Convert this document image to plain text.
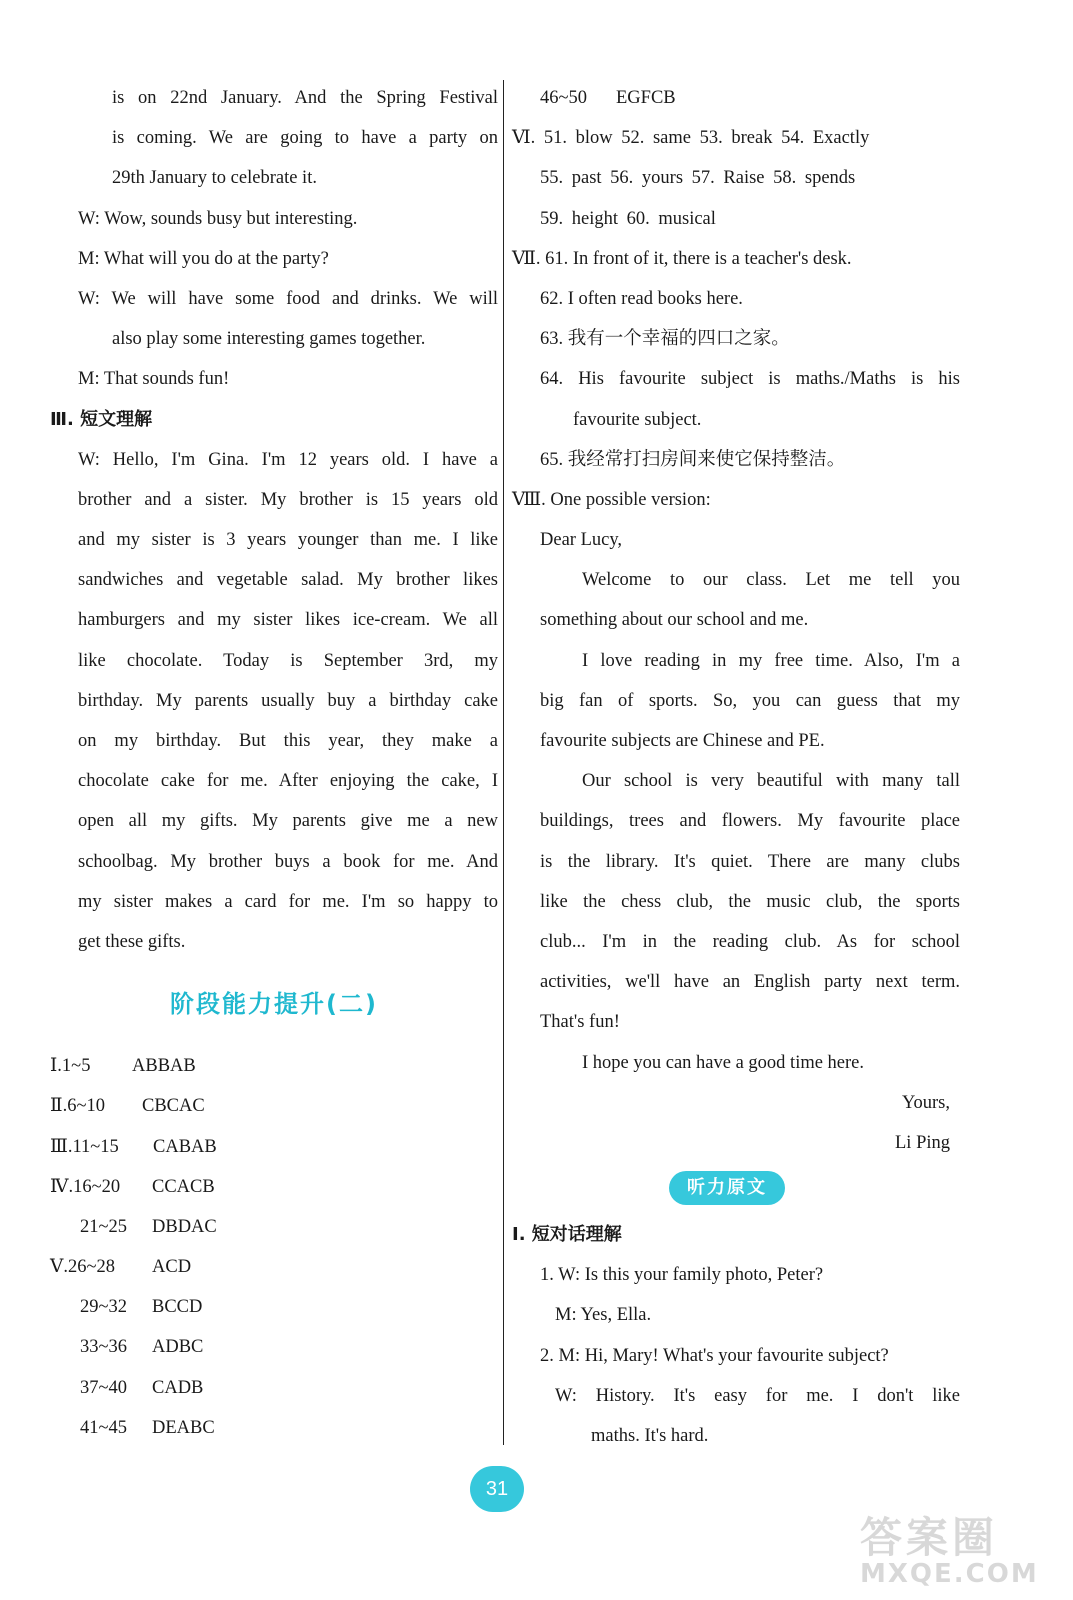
is on 22nd January. And the Spring Festival
is coming. We are going to have a party on
29th January to celebrate it.
W: Wow, sounds busy but interesting.
M: What will you do at the party?
W: We will have some food and drinks. We will
also play some interesting games together.
M: That sounds fun!
Ⅲ. 短文理解
W: Hello, I'm Gina. I'm 12 years old. I have a
brother and a sister. My brother is 15 years old
and my sister is 3 years younger than me. I like
sandwiches and vegetable salad. My brother likes
hamburgers and my sister likes ice-cream. We all
like chocolate. Today is September 3rd, my
birthday. My parents usually buy a birthday cake
on my birthday. But this year, they make a
chocolate cake for me. After enjoying the cake, I
open all my gifts. My parents give me a new
schoolbag. My brother buys a book for me. And
my sister makes a card for me. I'm so happy to
get these gifts.
阶段能力提升(二)
Ⅰ.1~5 ABBAB
Ⅱ.6~10 CBCAC
Ⅲ.11~15 CABAB
Ⅳ.16~20 CCACB
21~25 DBDAC
Ⅴ.26~28 ACD
29~32 BCCD
33~36 ADBC
37~40 CADB
41~45 DEABC
46~50 EGFCB
Ⅵ. 51. blow 52. same 53. break 54. Exactly
55. past 56. yours 57. Raise 58. spends
59. height 60. musical
Ⅶ. 61. In front of it, there is a teacher's desk.
62. I often read books here.
63. 我有一个幸福的四口之家。
64. His favourite subject is maths./Maths is his
favourite subject.
65. 我经常打扫房间来使它保持整洁。
Ⅷ. One possible version:
Dear Lucy,
Welcome to our class. Let me tell you
something about our school and me.
I love reading in my free time. Also, I'm a
big fan of sports. So, you can guess that my
favourite subjects are Chinese and PE.
Our school is very beautiful with many tall
buildings, trees and flowers. My favourite place
is the library. It's quiet. There are many clubs
like the chess club, the music club, the sports
club... I'm in the reading club. As for school
activities, we'll have an English party next term.
That's fun!
I hope you can have a good time here.
Yours,
Li Ping
听力原文
Ⅰ. 短对话理解
1. W: Is this your family photo, Peter?
M: Yes, Ella.
2. M: Hi, Mary! What's your favourite subject?
W: History. It's easy for me. I don't like
maths. It's hard.
31
答案圈
MXQE.COM
